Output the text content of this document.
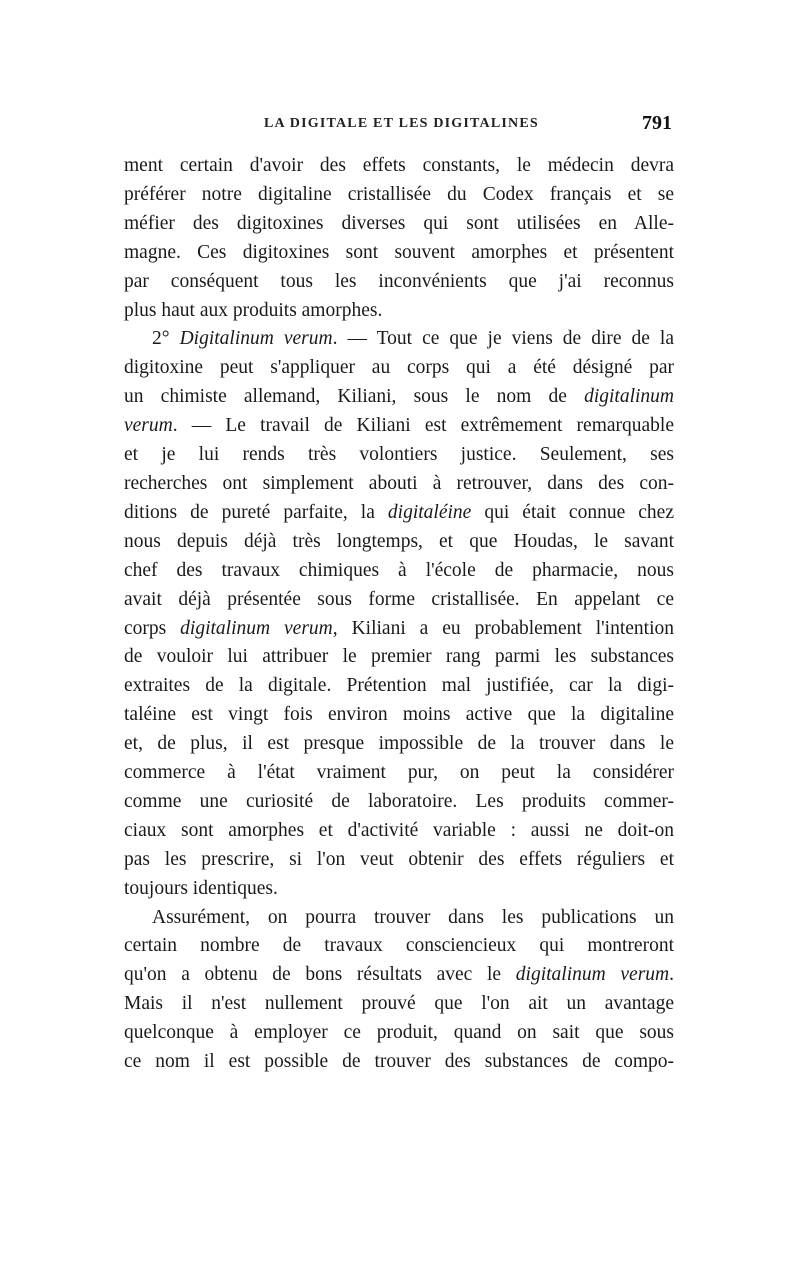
LA DIGITALE ET LES DIGITALINES	791
ment certain d'avoir des effets constants, le médecin devra
préférer notre digitaline cristallisée du Codex français et se
méfier des digitoxines diverses qui sont utilisées en Alle-
magne. Ces digitoxines sont souvent amorphes et présentent
par conséquent tous les inconvénients que j'ai reconnus
plus haut aux produits amorphes.
2° Digitalinum verum. — Tout ce que je viens de dire de la
digitoxine peut s'appliquer au corps qui a été désigné par
un chimiste allemand, Kiliani, sous le nom de digitalinum
verum. — Le travail de Kiliani est extrêmement remarquable
et je lui rends très volontiers justice. Seulement, ses
recherches ont simplement abouti à retrouver, dans des con-
ditions de pureté parfaite, la digitaléine qui était connue chez
nous depuis déjà très longtemps, et que Houdas, le savant
chef des travaux chimiques à l'école de pharmacie, nous
avait déjà présentée sous forme cristallisée. En appelant ce
corps digitalinum verum, Kiliani a eu probablement l'intention
de vouloir lui attribuer le premier rang parmi les substances
extraites de la digitale. Prétention mal justifiée, car la digi-
taléine est vingt fois environ moins active que la digitaline
et, de plus, il est presque impossible de la trouver dans le
commerce à l'état vraiment pur, on peut la considérer
comme une curiosité de laboratoire. Les produits commer-
ciaux sont amorphes et d'activité variable : aussi ne doit-on
pas les prescrire, si l'on veut obtenir des effets réguliers et
toujours identiques.
Assurément, on pourra trouver dans les publications un
certain nombre de travaux consciencieux qui montreront
qu'on a obtenu de bons résultats avec le digitalinum verum.
Mais il n'est nullement prouvé que l'on ait un avantage
quelconque à employer ce produit, quand on sait que sous
ce nom il est possible de trouver des substances de compo-
